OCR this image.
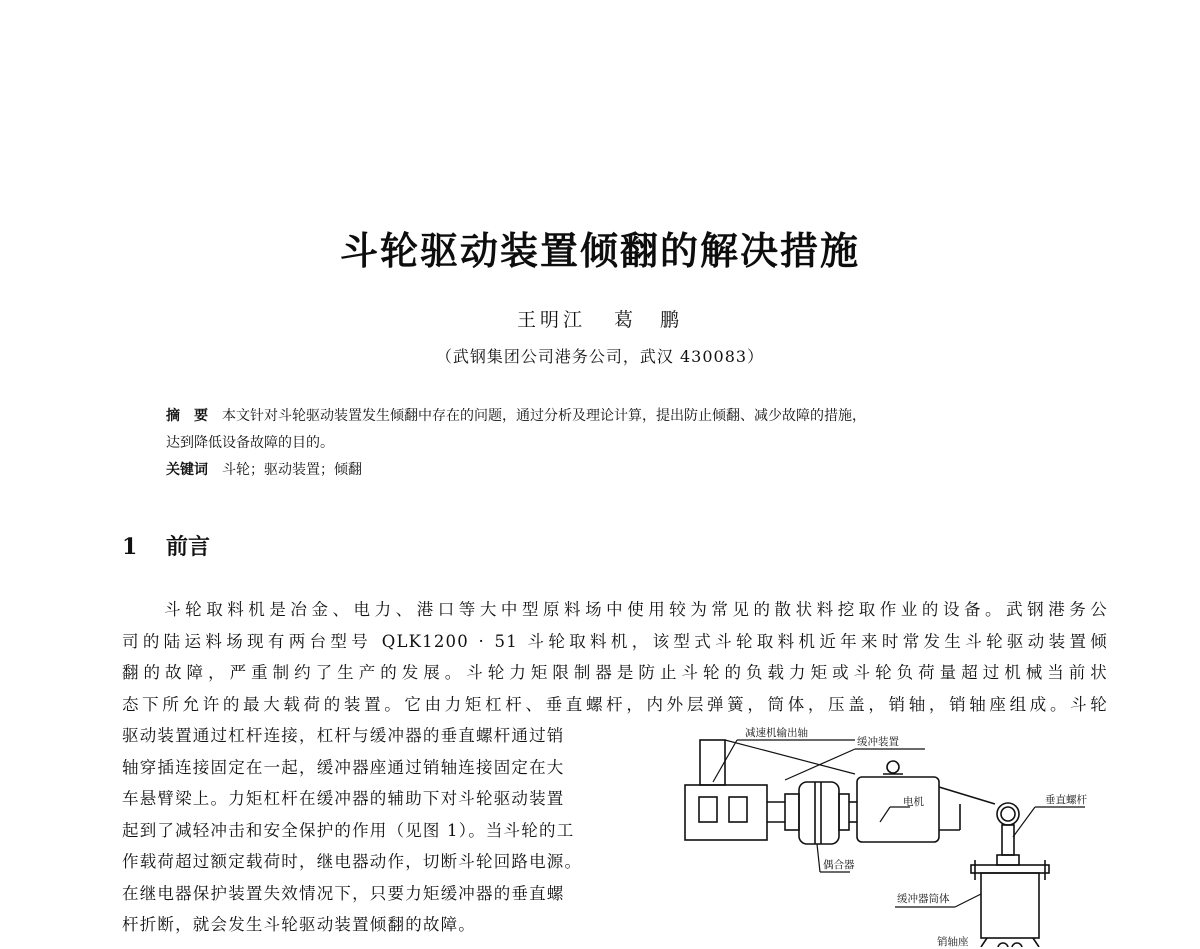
斗轮驱动装置倾翻的解决措施
王明江 葛　鹏
（武钢集团公司港务公司，武汉 430083）
摘　要 本文针对斗轮驱动装置发生倾翻中存在的问题，通过分析及理论计算，提出防止倾翻、减少故障的措施，
达到降低设备故障的目的。
关键词 斗轮；驱动装置；倾翻
1 前言
　　斗轮取料机是冶金、电力、港口等大中型原料场中使用较为常见的散状料挖取作业的设备。武钢港务公
司的陆运料场现有两台型号 QLK1200 · 51 斗轮取料机，该型式斗轮取料机近年来时常发生斗轮驱动装置倾
翻的故障，严重制约了生产的发展。斗轮力矩限制器是防止斗轮的负载力矩或斗轮负荷量超过机械当前状
态下所允许的最大载荷的装置。它由力矩杠杆、垂直螺杆，内外层弹簧，筒体，压盖，销轴，销轴座组成。斗轮
驱动装置通过杠杆连接，杠杆与缓冲器的垂直螺杆通过销
轴穿插连接固定在一起，缓冲器座通过销轴连接固定在大
车悬臂梁上。力矩杠杆在缓冲器的辅助下对斗轮驱动装置
起到了减轻冲击和安全保护的作用（见图 1）。当斗轮的工
作载荷超过额定载荷时，继电器动作，切断斗轮回路电源。
在继电器保护装置失效情况下，只要力矩缓冲器的垂直螺
杆折断，就会发生斗轮驱动装置倾翻的故障。
减速机输出轴
缓冲装置
电机	垂直螺杆
偶合器
缓冲器筒体
销轴座
